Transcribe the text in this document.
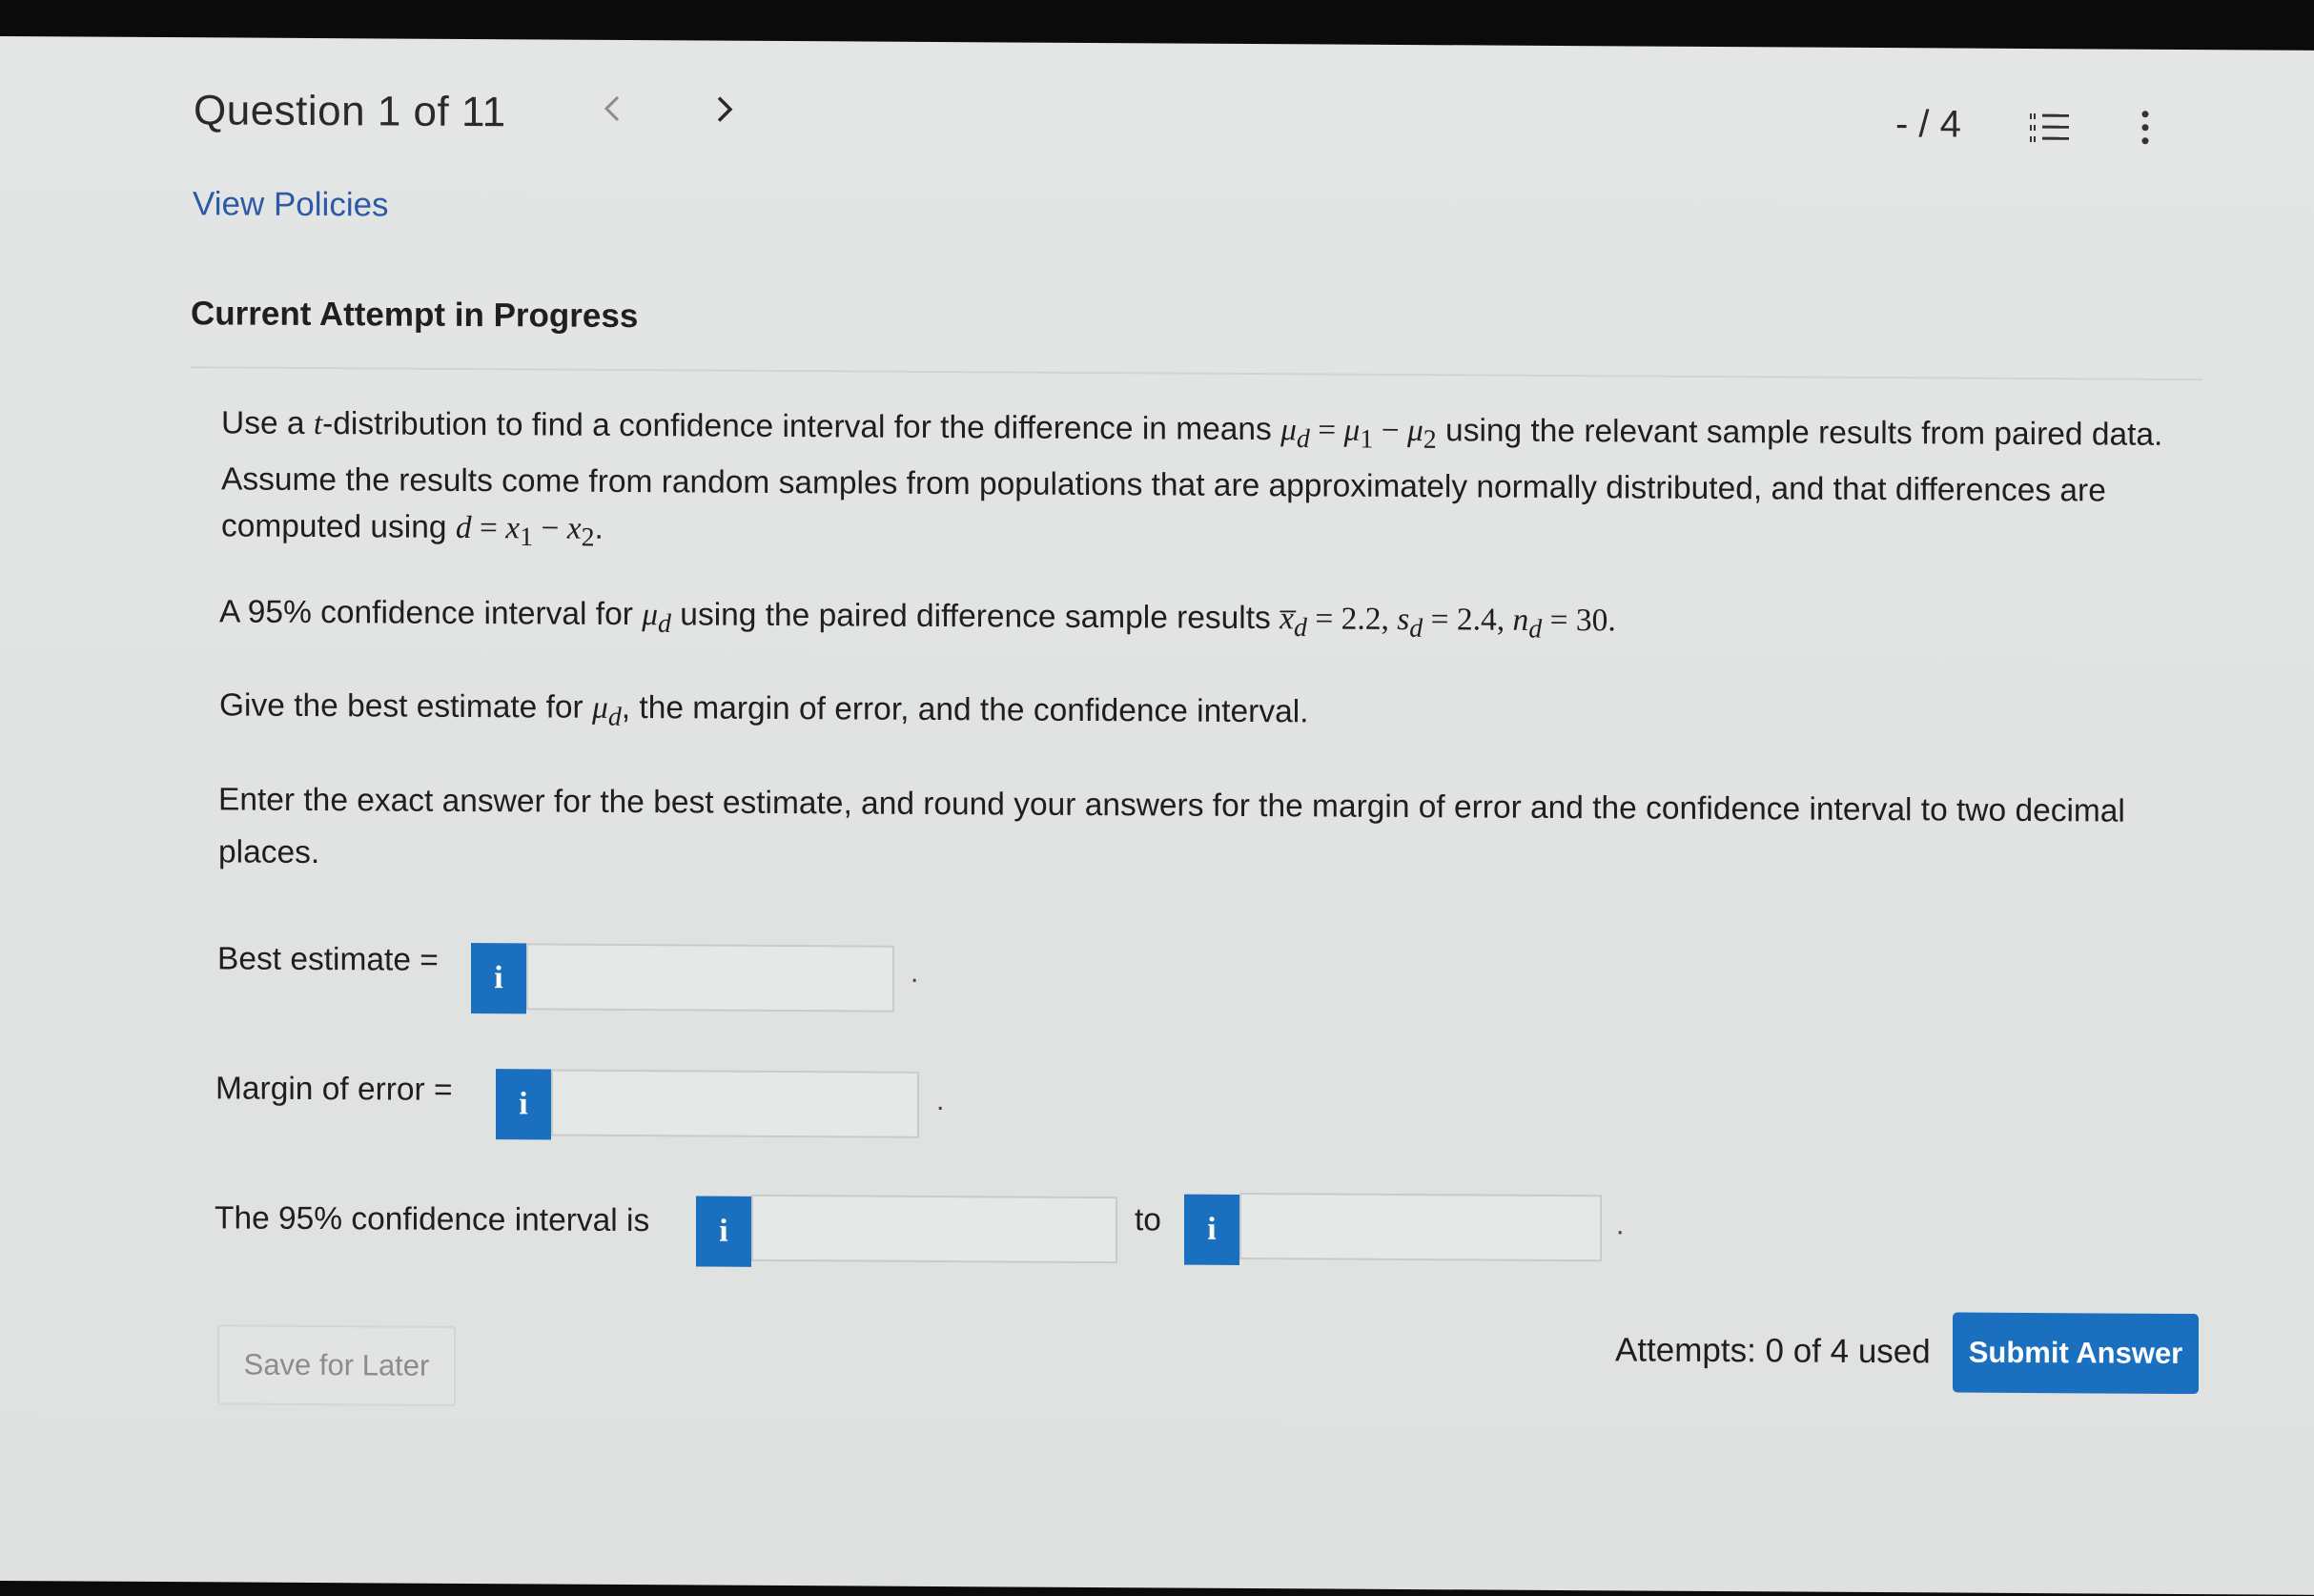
Question 1 of 11	- / 4
View Policies
Current Attempt in Progress
Use a t-distribution to find a confidence interval for the difference in means $\mu_d = \mu_1 - \mu_2$ using the relevant sample results from paired data. Assume the results come from random samples from populations that are approximately normally distributed, and that differences are computed using $d = x_1 - x_2$.
A 95% confidence interval for $\mu_d$ using the paired difference sample results $x̅_d = 2.2$, $s_d = 2.4$, $n_d = 30$.
Give the best estimate for $\mu_d$, the margin of error, and the confidence interval.
Enter the exact answer for the best estimate, and round your answers for the margin of error and the confidence interval to two decimal places.
Best estimate = i	.
Margin of error = i	.
The 95% confidence interval is i	to i	.
Save for Later	Attempts: 0 of 4 used	Submit Answer
